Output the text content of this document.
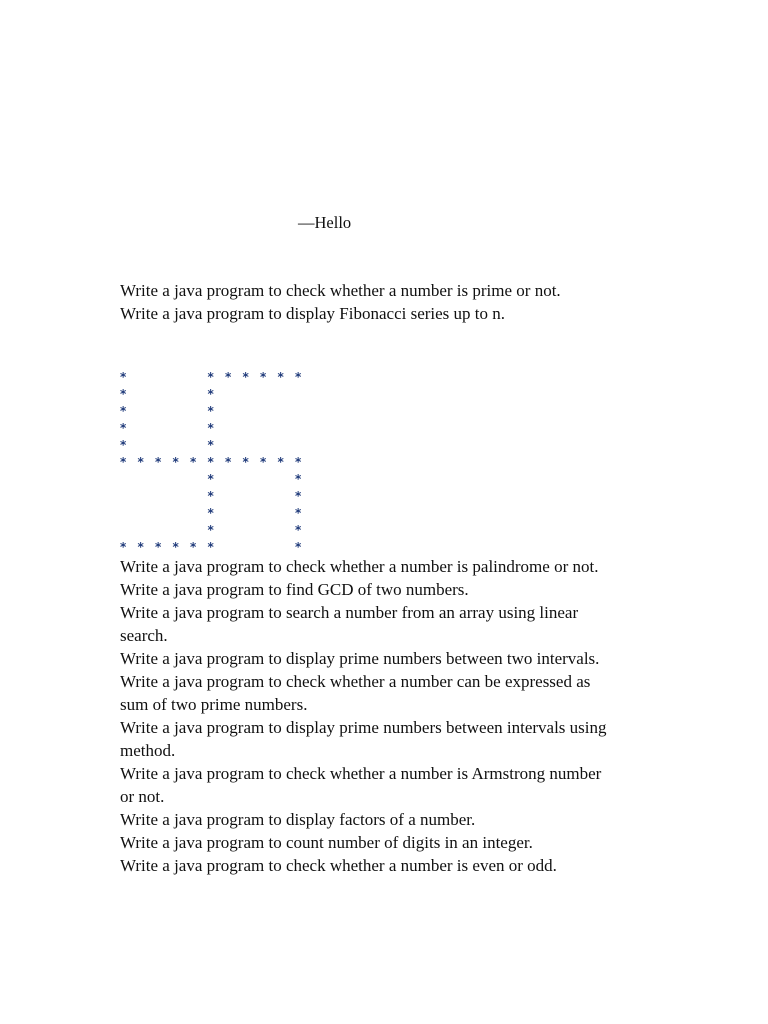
—Hello
Write a java program to check whether a number is prime or not.
Write a java program to display Fibonacci series up to n.
*	* * * * * *
*	*
*	*
*	*
*	*
* * * * * * * * * * *
*	*
*	*
*	*
*	*
* * * * * *	*
Write a java program to check whether a number is palindrome or not.
Write a java program to find GCD of two numbers.
Write a java program to search a number from an array using linear
search.
Write a java program to display prime numbers between two intervals.
Write a java program to check whether a number can be expressed as
sum of two prime numbers.
Write a java program to display prime numbers between intervals using
method.
Write a java program to check whether a number is Armstrong number
or not.
Write a java program to display factors of a number.
Write a java program to count number of digits in an integer.
Write a java program to check whether a number is even or odd.
